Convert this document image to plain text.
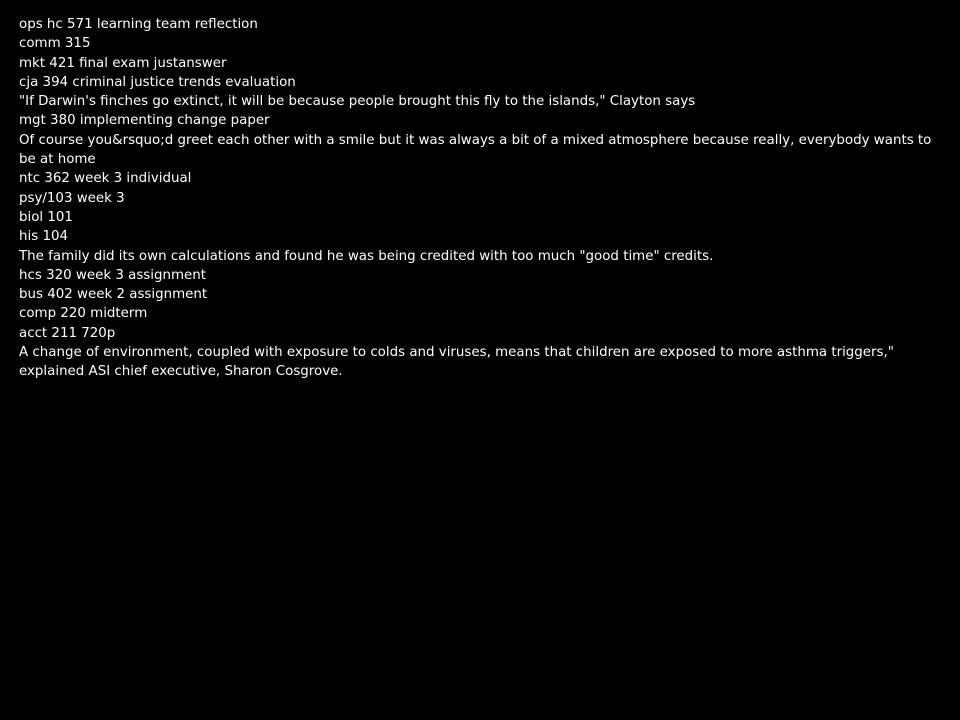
ops hc 571 learning team reflection
comm 315
mkt 421 final exam justanswer
cja 394 criminal justice trends evaluation
"If Darwin's finches go extinct, it will be because people brought this fly to the islands," Clayton says
mgt 380 implementing change paper
Of course you&rsquo;d greet each other with a smile but it was always a bit of a mixed atmosphere because really, everybody wants to be at home
ntc 362 week 3 individual
psy/103 week 3
biol 101
his 104
The family did its own calculations and found he was being credited with too much "good time" credits.
hcs 320 week 3 assignment
bus 402 week 2 assignment
comp 220 midterm
acct 211 720p
A change of environment, coupled with exposure to colds and viruses, means that children are exposed to more asthma triggers," explained ASI chief executive, Sharon Cosgrove.
